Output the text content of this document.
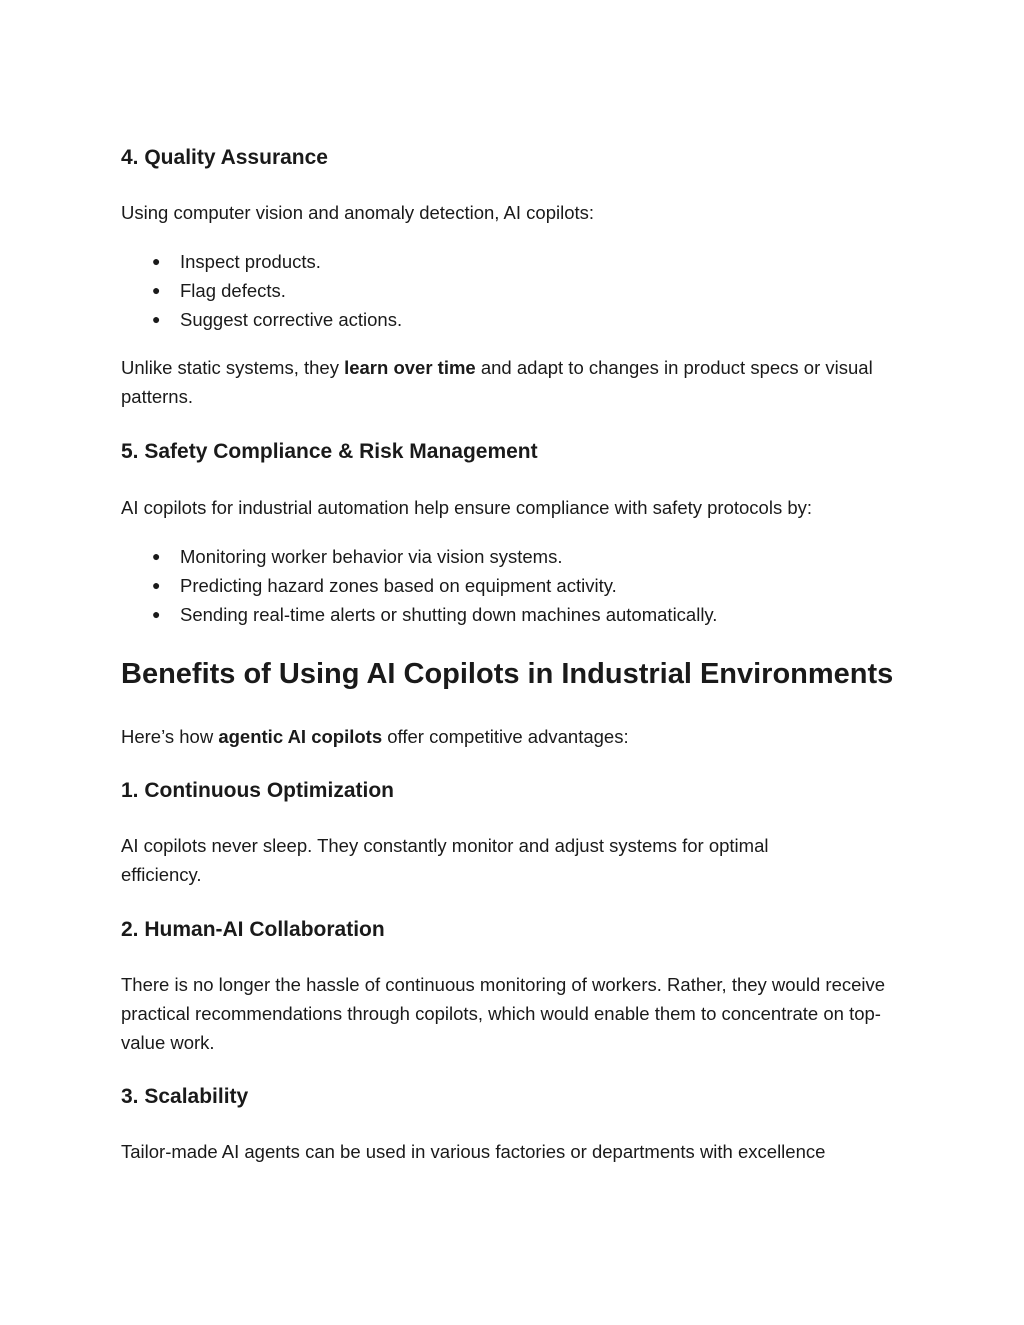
4. Quality Assurance

Using computer vision and anomaly detection, AI copilots:

● Inspect products.
● Flag defects.
● Suggest corrective actions.

Unlike static systems, they learn over time and adapt to changes in product specs or visual patterns.

5. Safety Compliance & Risk Management

AI copilots for industrial automation help ensure compliance with safety protocols by:

● Monitoring worker behavior via vision systems.
● Predicting hazard zones based on equipment activity.
● Sending real-time alerts or shutting down machines automatically.
Benefits of Using AI Copilots in Industrial Environments

Here’s how agentic AI copilots offer competitive advantages:

1. Continuous Optimization

AI copilots never sleep. They constantly monitor and adjust systems for optimal efficiency.

2. Human-AI Collaboration

There is no longer the hassle of continuous monitoring of workers. Rather, they would receive practical recommendations through copilots, which would enable them to concentrate on top-value work.

3. Scalability

Tailor-made AI agents can be used in various factories or departments with excellence
